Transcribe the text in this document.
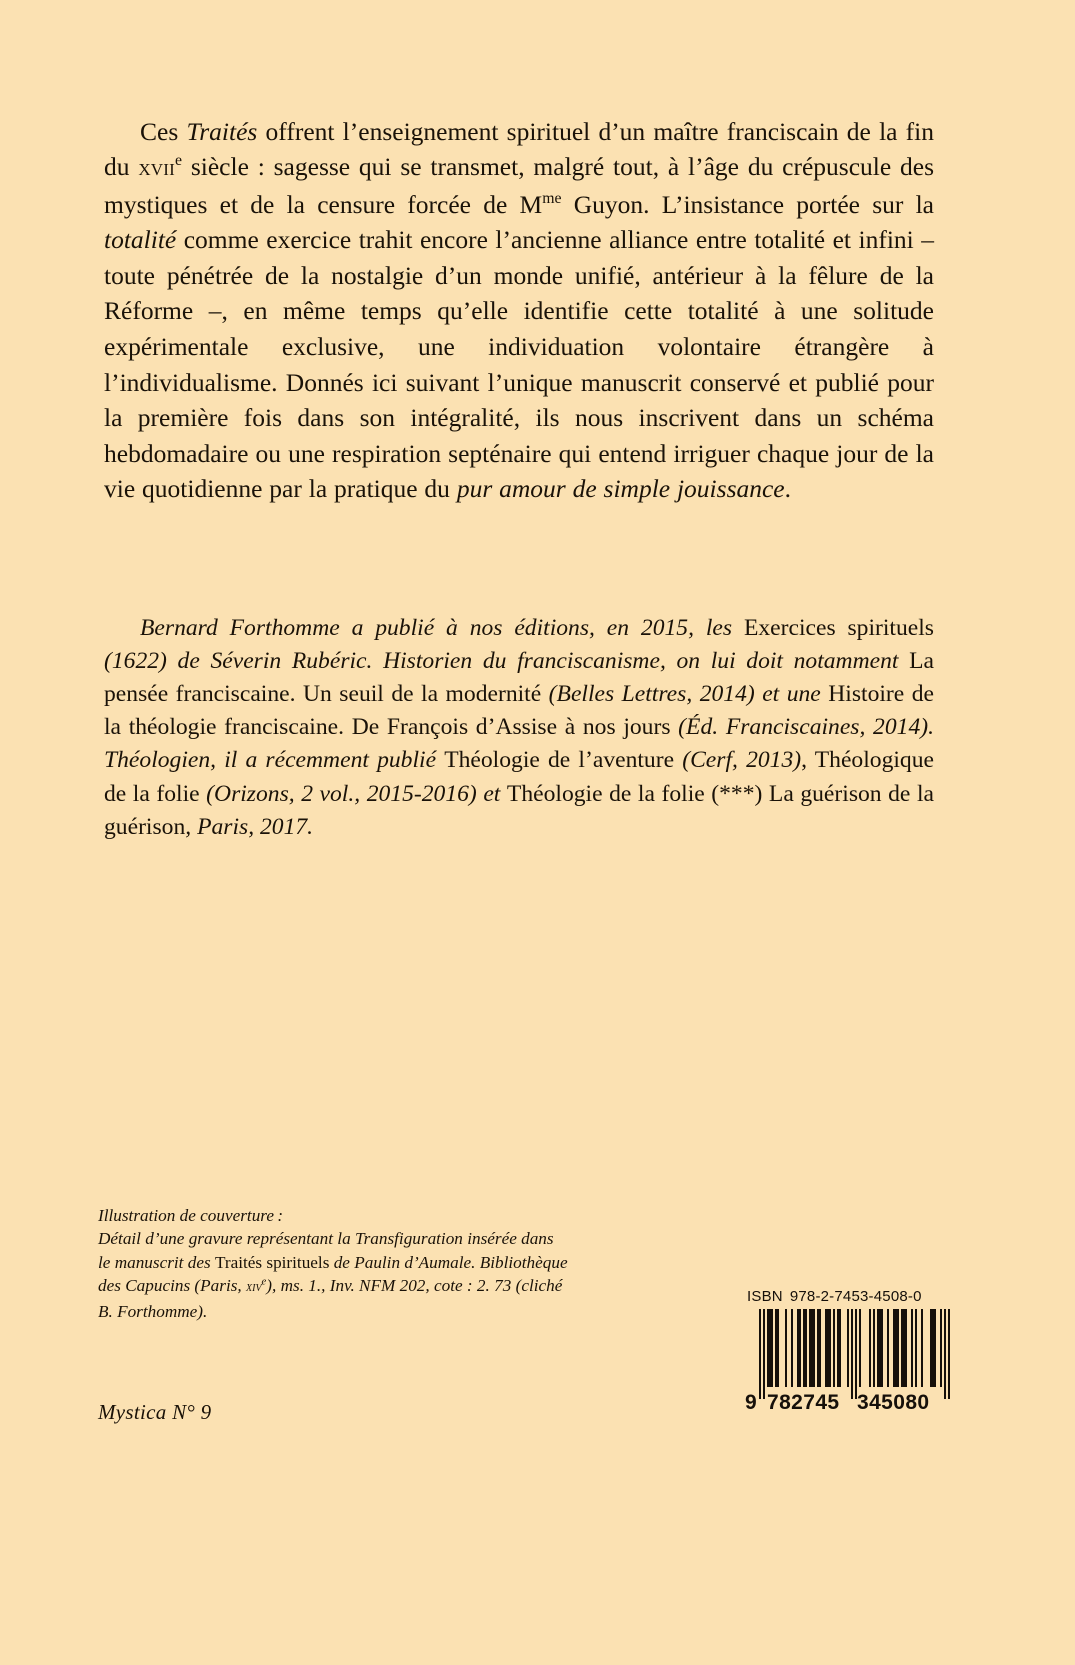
Ces Traités offrent l’enseignement spirituel d’un maître franciscain de la fin du xvii$^e$ siècle : sagesse qui se transmet, malgré tout, à l’âge du crépuscule des mystiques et de la censure forcée de $M^{me}$ Guyon. L’insistance portée sur la totalité comme exercice trahit encore l’ancienne alliance entre totalité et infini – toute pénétrée de la nostalgie d’un monde unifié, antérieur à la fêlure de la Réforme –, en même temps qu’elle identifie cette totalité à une solitude expérimentale exclusive, une individuation volontaire étrangère à l’individualisme. Donnés ici suivant l’unique manuscrit conservé et publié pour la première fois dans son intégralité, ils nous inscrivent dans un schéma hebdomadaire ou une respiration septénaire qui entend irriguer chaque jour de la vie quotidienne par la pratique du pur amour de simple jouissance.

Bernard Forthomme a publié à nos éditions, en 2015, les Exercices spirituels (1622) de Séverin Rubéric. Historien du franciscanisme, on lui doit notamment La pensée franciscaine. Un seuil de la modernité (Belles Lettres, 2014) et une Histoire de la théologie franciscaine. De François d’Assise à nos jours (Éd. Franciscaines, 2014). Théologien, il a récemment publié Théologie de l’aventure (Cerf, 2013), Théologique de la folie (Orizons, 2 vol., 2015-2016) et Théologie de la folie (***) La guérison de la guérison, Paris, 2017.

Illustration de couverture :
Détail d’une gravure représentant la Transfiguration insérée dans
le manuscrit des Traités spirituels de Paulin d’Aumale. Bibliothèque
des Capucins (Paris, xiv$^e$), ms. 1., Inv. NFM 202, cote : 2. 73 (cliché
B. Forthomme).
Mystica N° 9
ISBN 978-2-7453-4508-0
9 782745 345080
